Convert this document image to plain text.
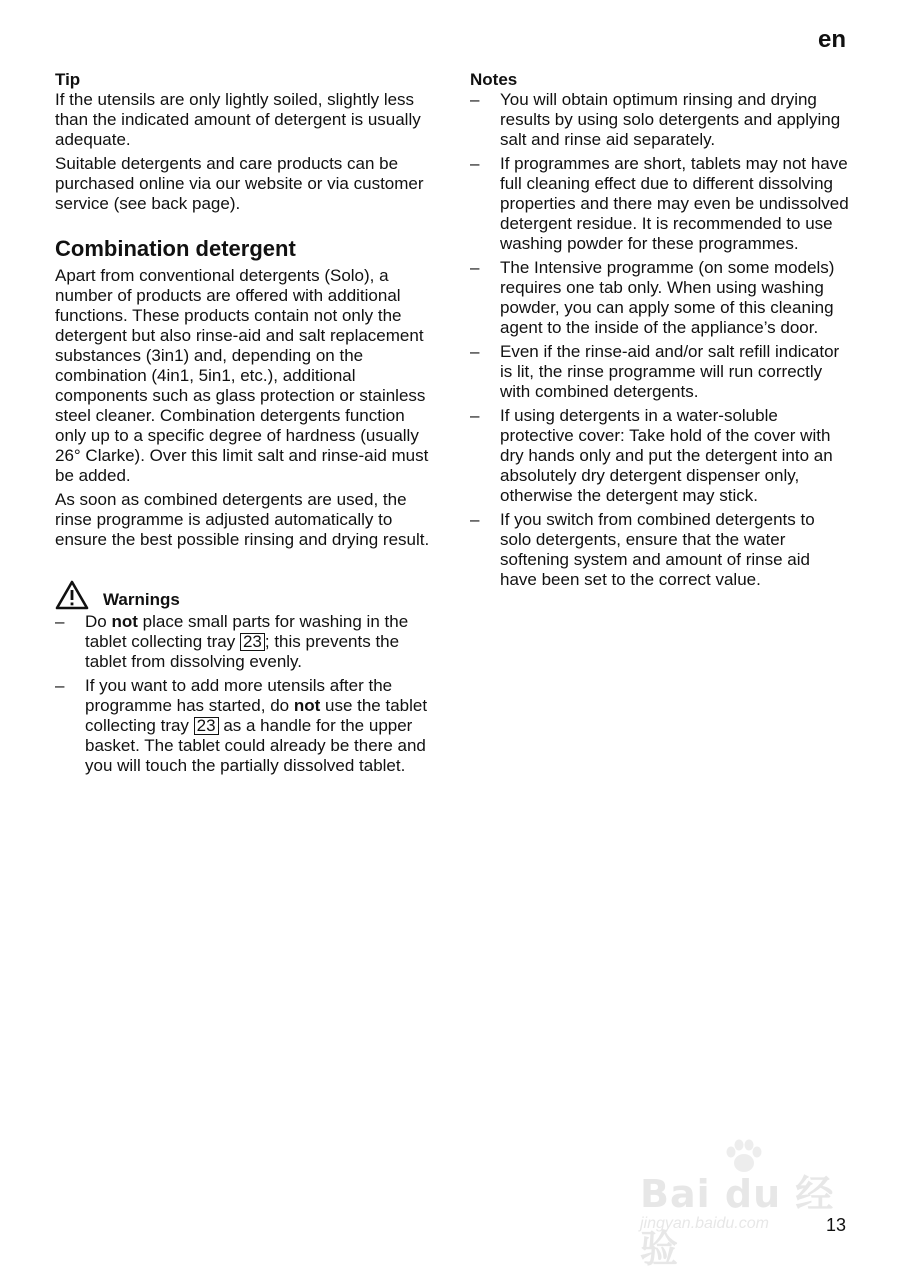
en

Tip

If the utensils are only lightly soiled, slightly less than the indicated amount of detergent is usually adequate.

Suitable detergents and care products can be purchased online via our website or via customer service (see back page).

Combination detergent

Apart from conventional detergents (Solo), a number of products are offered with additional functions. These products contain not only the detergent but also rinse-aid and salt replacement substances (3in1) and, depending on the combination (4in1, 5in1, etc.), additional components such as glass protection or stainless steel cleaner. Combination detergents function only up to a specific degree of hardness (usually 26° Clarke). Over this limit salt and rinse-aid must be added.

As soon as combined detergents are used, the rinse programme is adjusted automatically to ensure the best possible rinsing and drying result.

Warnings
– Do not place small parts for washing in the tablet collecting tray 23 ; this prevents the tablet from dissolving evenly.
– If you want to add more utensils after the programme has started, do not use the tablet collecting tray 23 as a handle for the upper basket. The tablet could already be there and you will touch the partially dissolved tablet.

Notes

– You will obtain optimum rinsing and drying results by using solo detergents and applying salt and rinse aid separately.
– If programmes are short, tablets may not have full cleaning effect due to different dissolving properties and there may even be undissolved detergent residue. It is recommended to use washing powder for these programmes.
– The Intensive programme (on some models) requires one tab only. When using washing powder, you can apply some of this cleaning agent to the inside of the appliance’s door.
– Even if the rinse-aid and/or salt refill indicator is lit, the rinse programme will run correctly with combined detergents.
– If using detergents in a water-soluble protective cover: Take hold of the cover with dry hands only and put the detergent into an absolutely dry detergent dispenser only, otherwise the detergent may stick.
– If you switch from combined detergents to solo detergents, ensure that the water softening system and amount of rinse aid have been set to the correct value.
Bai du 经验
jingyan.baidu.com	13
